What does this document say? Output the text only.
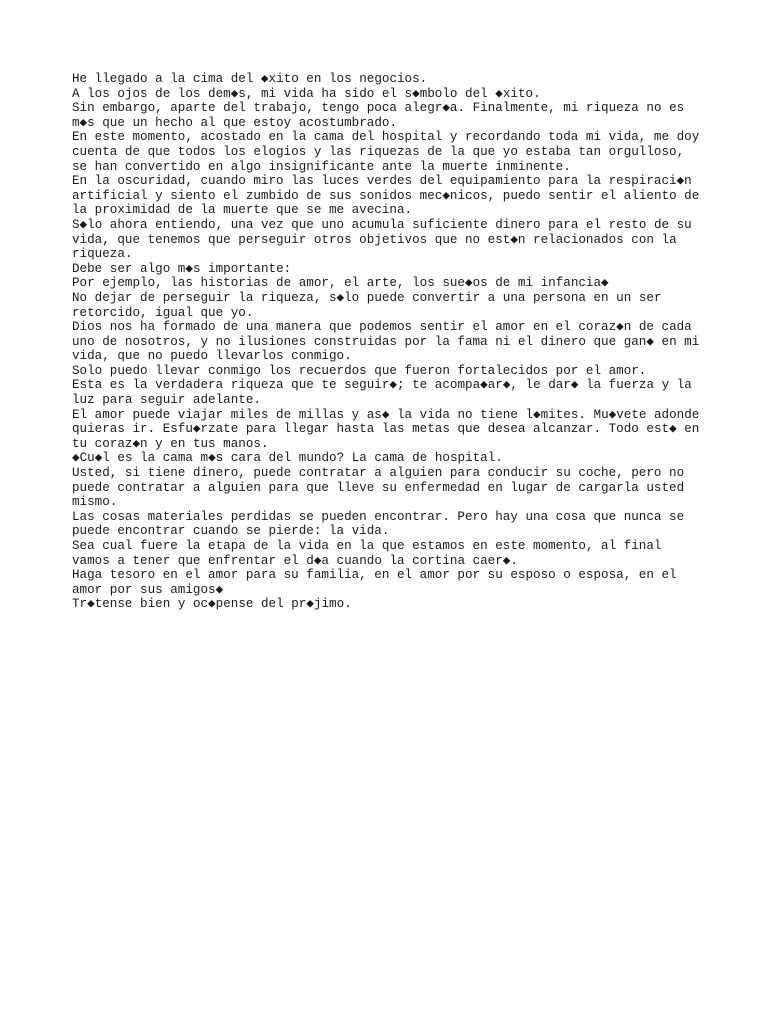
He llegado a la cima del ◆xito en los negocios.
A los ojos de los dem◆s, mi vida ha sido el s◆mbolo del ◆xito.
Sin embargo, aparte del trabajo, tengo poca alegr◆a. Finalmente, mi riqueza no es
m◆s que un hecho al que estoy acostumbrado.
En este momento, acostado en la cama del hospital y recordando toda mi vida, me doy
cuenta de que todos los elogios y las riquezas de la que yo estaba tan orgulloso,
se han convertido en algo insignificante ante la muerte inminente.
En la oscuridad, cuando miro las luces verdes del equipamiento para la respiraci◆n
artificial y siento el zumbido de sus sonidos mec◆nicos, puedo sentir el aliento de
la proximidad de la muerte que se me avecina.
S◆lo ahora entiendo, una vez que uno acumula suficiente dinero para el resto de su
vida, que tenemos que perseguir otros objetivos que no est◆n relacionados con la
riqueza.
Debe ser algo m◆s importante:
Por ejemplo, las historias de amor, el arte, los sue◆os de mi infancia◆
No dejar de perseguir la riqueza, s◆lo puede convertir a una persona en un ser
retorcido, igual que yo.
Dios nos ha formado de una manera que podemos sentir el amor en el coraz◆n de cada
uno de nosotros, y no ilusiones construidas por la fama ni el dinero que gan◆ en mi
vida, que no puedo llevarlos conmigo.
Solo puedo llevar conmigo los recuerdos que fueron fortalecidos por el amor.
Esta es la verdadera riqueza que te seguir◆; te acompa◆ar◆, le dar◆ la fuerza y la
luz para seguir adelante.
El amor puede viajar miles de millas y as◆ la vida no tiene l◆mites. Mu◆vete adonde
quieras ir. Esfu◆rzate para llegar hasta las metas que desea alcanzar. Todo est◆ en
tu coraz◆n y en tus manos.
◆Cu◆l es la cama m◆s cara del mundo? La cama de hospital.
Usted, si tiene dinero, puede contratar a alguien para conducir su coche, pero no
puede contratar a alguien para que lleve su enfermedad en lugar de cargarla usted
mismo.
Las cosas materiales perdidas se pueden encontrar. Pero hay una cosa que nunca se
puede encontrar cuando se pierde: la vida.
Sea cual fuere la etapa de la vida en la que estamos en este momento, al final
vamos a tener que enfrentar el d◆a cuando la cortina caer◆.
Haga tesoro en el amor para su familia, en el amor por su esposo o esposa, en el
amor por sus amigos◆
Tr◆tense bien y oc◆pense del pr◆jimo.
